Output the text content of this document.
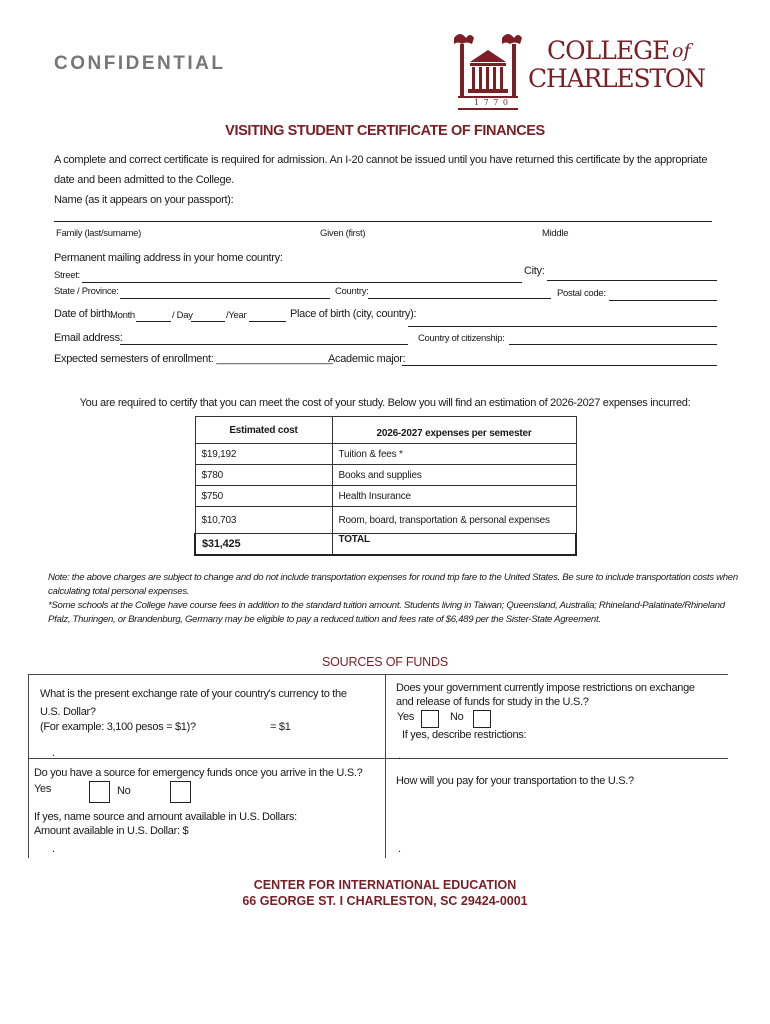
CONFIDENTIAL
1 7 7 0
COLLEGE of
CHARLESTON
VISITING STUDENT CERTIFICATE OF FINANCES
A complete and correct certificate is required for admission. An I-20 cannot be issued until you have returned this certificate by the appropriate date and been admitted to the College.
Name (as it appears on your passport):
Family (last/surname)	Given (first)	Middle
Permanent mailing address in your home country:
Street:	City:
State / Province:	Country:	Postal code:
Date of birth:
Month	/ Day	/Year	Place of birth (city, country):
Email address:	Country of citizenship:
Expected semesters of enrollment: ____________________
Academic major:
You are required to certify that you can meet the cost of your study. Below you will find an estimation of 2026-2027 expenses incurred:
Estimated cost	2026-2027 expenses per semester
$19,192	Tuition & fees *
$780	Books and supplies
$750	Health Insurance
$10,703	Room, board, transportation & personal expenses
$31,425	TOTAL
Note: the above charges are subject to change and do not include transportation expenses for round trip fare to the United States. Be sure to include transportation costs when calculating total personal expenses.
*Some schools at the College have course fees in addition to the standard tuition amount. Students living in Taiwan; Queensland, Australia; Rhineland-Palatinate/Rhineland Pfalz, Thuringen, or Brandenburg, Germany may be eligible to pay a reduced tuition and fees rate of $6,489 per the Sister-State Agreement.
SOURCES OF FUNDS
What is the present exchange rate of your country's currency to the U.S. Dollar?
(For example: 3,100 pesos = $1)?	= $1
.
Does your government currently impose restrictions on exchange and release of funds for study in the U.S.?
Yes	No
If yes, describe restrictions:
.
Do you have a source for emergency funds once you arrive in the U.S.?
Yes	No
If yes, name source and amount available in U.S. Dollars:
Amount available in U.S. Dollar: $
.
How will you pay for your transportation to the U.S.?
.
CENTER FOR INTERNATIONAL EDUCATION
66 GEORGE ST. I CHARLESTON, SC 29424-0001
